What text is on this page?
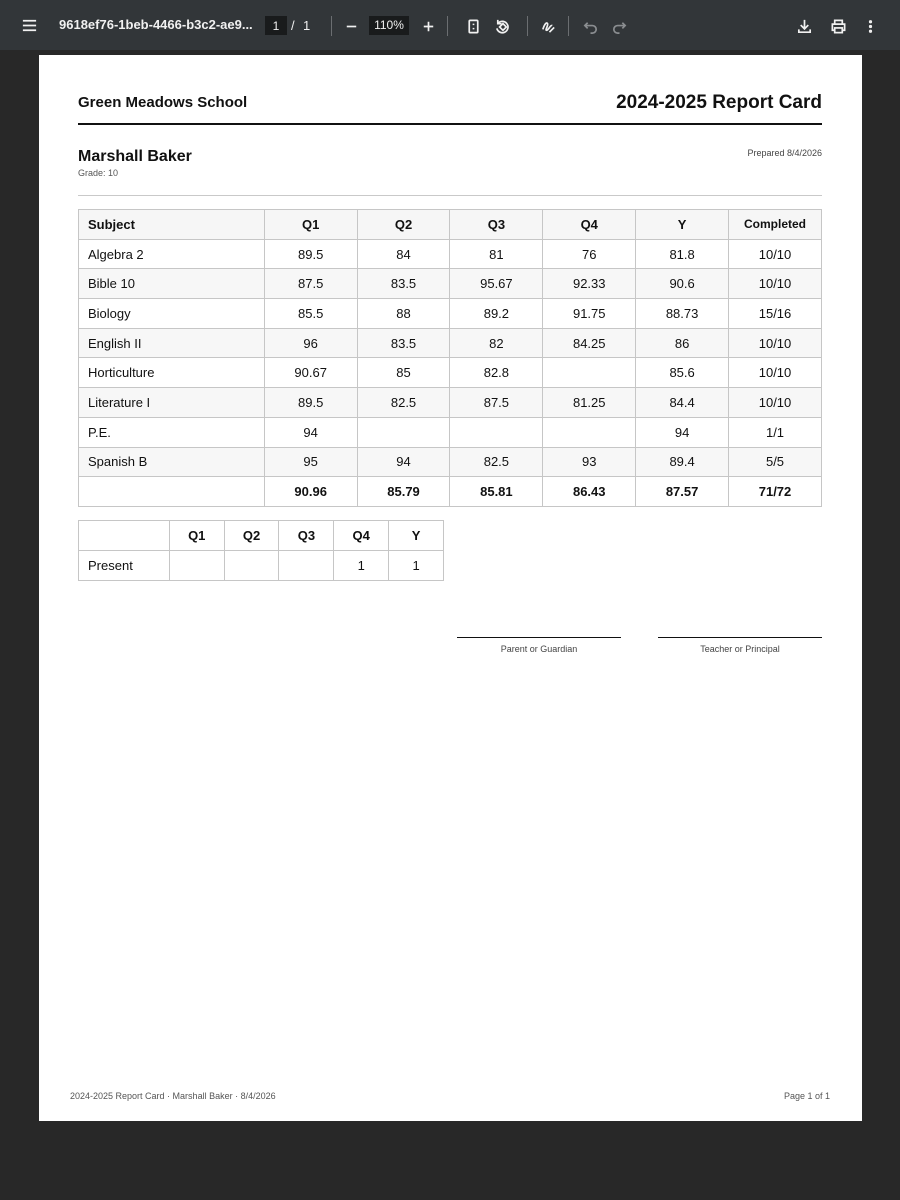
9618ef76-1beb-4466-b3c2-ae9...
1	/ 1	110%
Green Meadows School	2024-2025 Report Card
Marshall Baker
Grade: 10
Prepared 8/4/2026
Subject	Q1	Q2	Q3	Q4	Y	Completed
Algebra 2	89.5	84	81	76	81.8	10/10
Bible 10	87.5	83.5	95.67	92.33	90.6	10/10
Biology	85.5	88	89.2	91.75	88.73	15/16
English II	96	83.5	82	84.25	86	10/10
Horticulture	90.67	85	82.8		85.6	10/10
Literature I	89.5	82.5	87.5	81.25	84.4	10/10
P.E.	94				94	1/1
Spanish B	95	94	82.5	93	89.4	5/5
	90.96	85.79	85.81	86.43	87.57	71/72
	Q1	Q2	Q3	Q4	Y
Present				1	1
Parent or Guardian	Teacher or Principal
2024-2025 Report Card · Marshall Baker · 8/4/2026	Page 1 of 1
